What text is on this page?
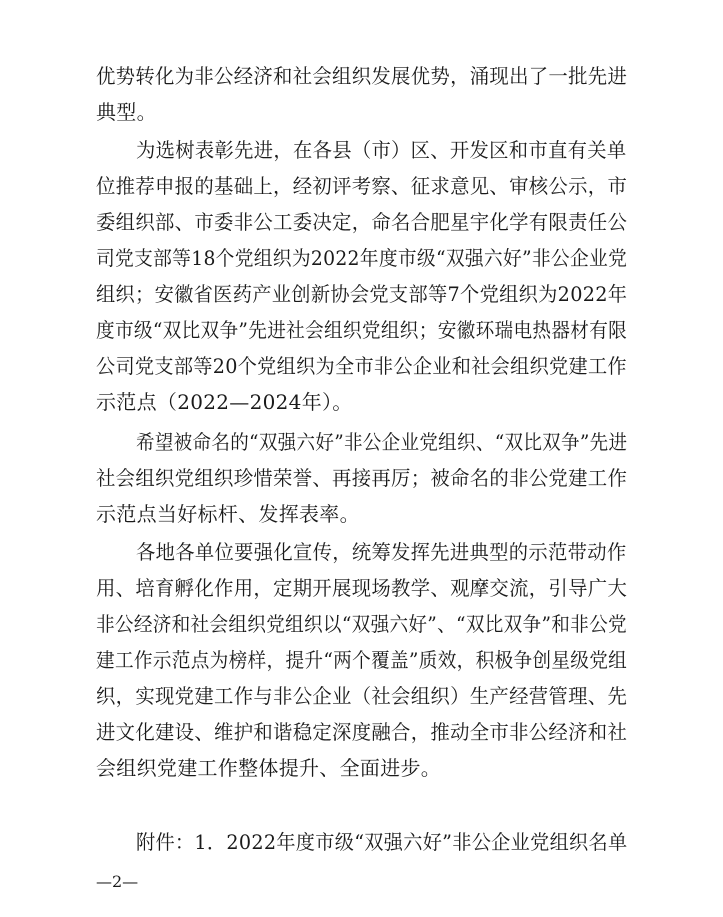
优势转化为非公经济和社会组织发展优势，涌现出了一批先进
典型。
为选树表彰先进，在各县（市）区、开发区和市直有关单
位推荐申报的基础上，经初评考察、征求意见、审核公示，市
委组织部、市委非公工委决定，命名合肥星宇化学有限责任公
司党支部等18个党组织为2022年度市级“双强六好”非公企业党
组织；安徽省医药产业创新协会党支部等7个党组织为2022年
度市级“双比双争”先进社会组织党组织；安徽环瑞电热器材有限
公司党支部等20个党组织为全市非公企业和社会组织党建工作
示范点（2022—2024年）。
希望被命名的“双强六好”非公企业党组织、“双比双争”先进
社会组织党组织珍惜荣誉、再接再厉；被命名的非公党建工作
示范点当好标杆、发挥表率。
各地各单位要强化宣传，统筹发挥先进典型的示范带动作
用、培育孵化作用，定期开展现场教学、观摩交流，引导广大
非公经济和社会组织党组织以“双强六好”、“双比双争”和非公党
建工作示范点为榜样，提升“两个覆盖”质效，积极争创星级党组
织，实现党建工作与非公企业（社会组织）生产经营管理、先
进文化建设、维护和谐稳定深度融合，推动全市非公经济和社
会组织党建工作整体提升、全面进步。
附件：1．2022年度市级“双强六好”非公企业党组织名单
—2—
